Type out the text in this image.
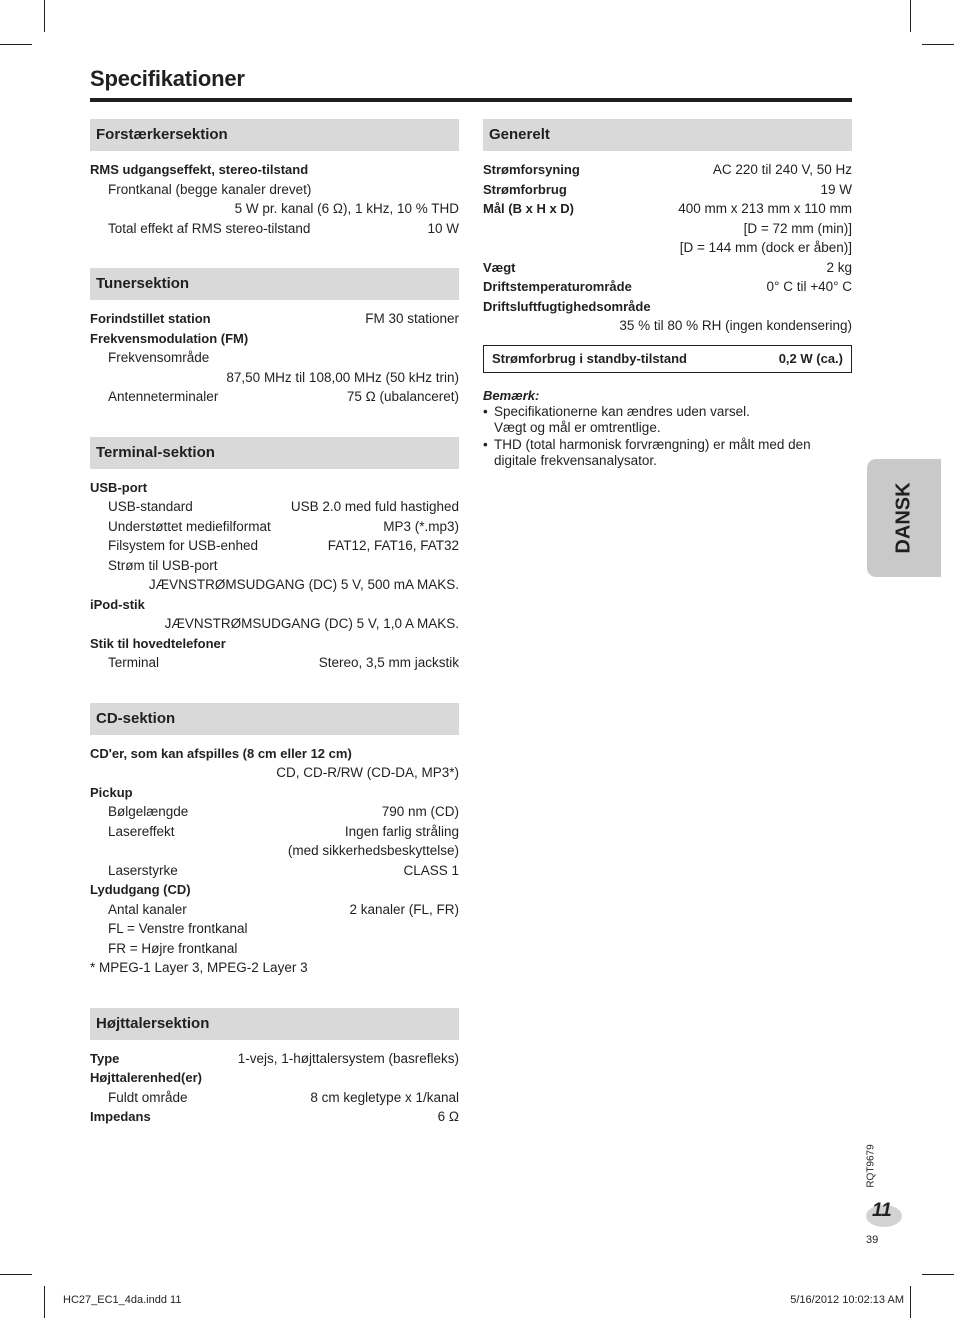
Specifikationer
Forstærkersektion
RMS udgangseffekt, stereo-tilstand
Frontkanal (begge kanaler drevet)
5 W pr. kanal (6 Ω), 1 kHz, 10 % THD
Total effekt af RMS stereo-tilstand	10 W
Tunersektion
Forindstillet station	FM 30 stationer
Frekvensmodulation (FM)
Frekvensområde
87,50 MHz til 108,00 MHz (50 kHz trin)
Antenneterminaler	75 Ω (ubalanceret)
Terminal-sektion
USB-port
USB-standard	USB 2.0 med fuld hastighed
Understøttet mediefilformat	MP3 (*.mp3)
Filsystem for USB-enhed	FAT12, FAT16, FAT32
Strøm til USB-port
JÆVNSTRØMSUDGANG (DC) 5 V, 500 mA MAKS.
iPod-stik
JÆVNSTRØMSUDGANG (DC) 5 V, 1,0 A MAKS.
Stik til hovedtelefoner
Terminal	Stereo, 3,5 mm jackstik
CD-sektion
CD'er, som kan afspilles (8 cm eller 12 cm)
CD, CD-R/RW (CD-DA, MP3*)
Pickup
Bølgelængde	790 nm (CD)
Lasereffekt	Ingen farlig stråling
(med sikkerhedsbeskyttelse)
Laserstyrke	CLASS 1
Lydudgang (CD)
Antal kanaler	2 kanaler (FL, FR)
FL = Venstre frontkanal
FR = Højre frontkanal
* MPEG-1 Layer 3, MPEG-2 Layer 3
Højttalersektion
Type	1-vejs, 1-højttalersystem (basrefleks)
Højttalerenhed(er)
Fuldt område	8 cm kegletype x 1/kanal
Impedans	6 Ω
Generelt
Strømforsyning	AC 220 til 240 V, 50 Hz
Strømforbrug	19 W
Mål (B x H x D)	400 mm x 213 mm x 110 mm
[D = 72 mm (min)]
[D = 144 mm (dock er åben)]
Vægt	2 kg
Driftstemperaturområde	0° C til +40° C
Driftsluftfugtighedsområde
35 % til 80 % RH (ingen kondensering)
Strømforbrug i standby-tilstand	0,2 W (ca.)
Bemærk:
• Specifikationerne kan ændres uden varsel.
Vægt og mål er omtrentlige.
• THD (total harmonisk forvrængning) er målt med den
digitale frekvensanalysator.
DANSK
RQT9679
11
39
HC27_EC1_4da.indd 11	5/16/2012 10:02:13 AM
